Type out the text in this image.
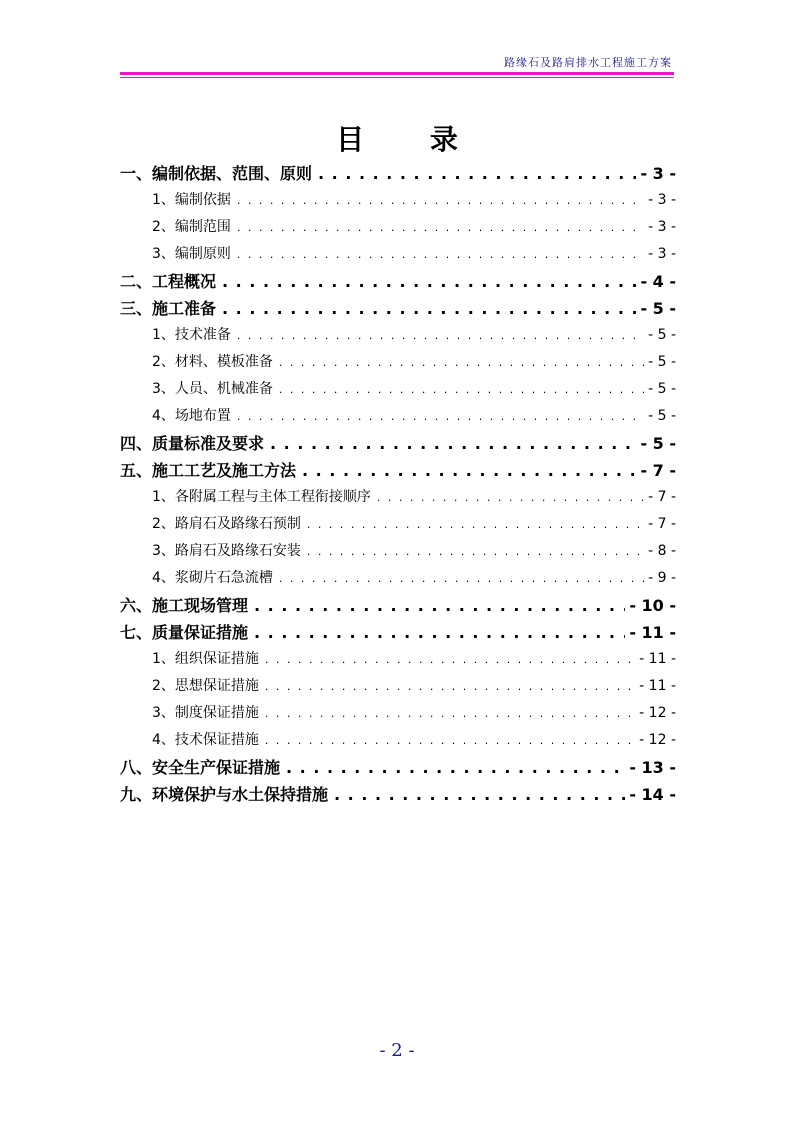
路缘石及路肩排水工程施工方案
目 录
一、编制依据、范围、原则 . . .	- 3 -
1、编制依据 . . .	- 3 -
2、编制范围 . . .	- 3 -
3、编制原则 . . .	- 3 -
二、工程概况 . . .	- 4 -
三、施工准备 . . .	- 5 -
1、技术准备 . . .	- 5 -
2、材料、模板准备 . . .	- 5 -
3、人员、机械准备 . . .	- 5 -
4、场地布置 . . .	- 5 -
四、质量标准及要求 . . .	- 5 -
五、施工工艺及施工方法 . . .	- 7 -
1、各附属工程与主体工程衔接顺序 . . .	- 7 -
2、路肩石及路缘石预制 . . .	- 7 -
3、路肩石及路缘石安装 . . .	- 8 -
4、浆砌片石急流槽 . . .	- 9 -
六、施工现场管理 . . .	- 10 -
七、质量保证措施 . . .	- 11 -
1、组织保证措施 . . .	- 11 -
2、思想保证措施 . . .	- 11 -
3、制度保证措施 . . .	- 12 -
4、技术保证措施 . . .	- 12 -
八、安全生产保证措施 . . .	- 13 -
九、环境保护与水土保持措施 . . .	- 14 -
- 2 -
